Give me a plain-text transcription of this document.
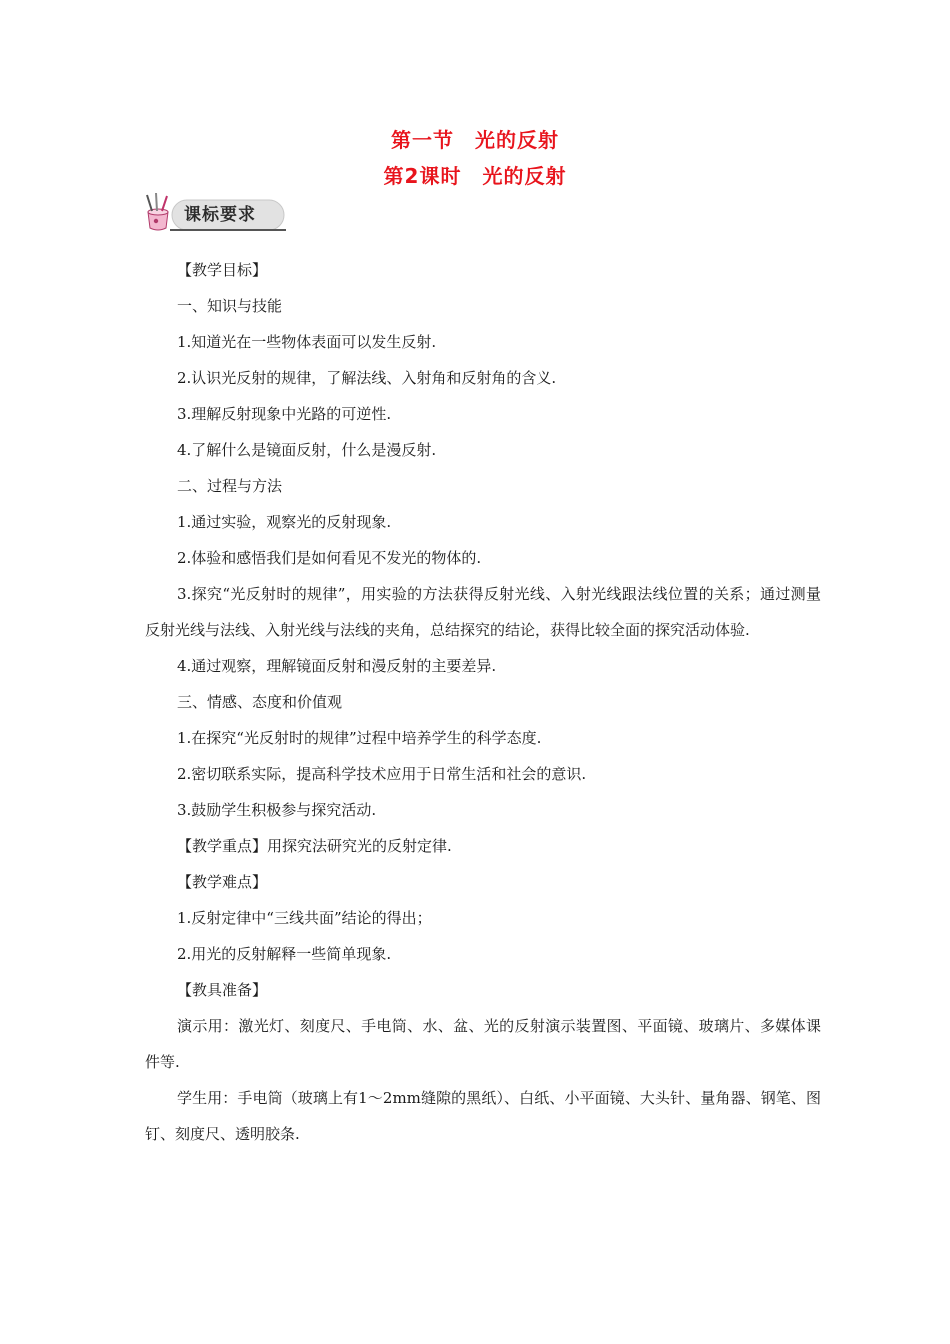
第一节　光的反射
第2课时　光的反射
课标要求

【教学目标】

一、知识与技能

1.知道光在一些物体表面可以发生反射.

2.认识光反射的规律，了解法线、入射角和反射角的含义.

3.理解反射现象中光路的可逆性.

4.了解什么是镜面反射，什么是漫反射.

二、过程与方法

1.通过实验，观察光的反射现象.

2.体验和感悟我们是如何看见不发光的物体的.

3.探究“光反射时的规律”，用实验的方法获得反射光线、入射光线跟法线位置的关系；通过测量反射光线与法线、入射光线与法线的夹角，总结探究的结论，获得比较全面的探究活动体验.

4.通过观察，理解镜面反射和漫反射的主要差异.

三、情感、态度和价值观

1.在探究“光反射时的规律”过程中培养学生的科学态度.

2.密切联系实际，提高科学技术应用于日常生活和社会的意识.

3.鼓励学生积极参与探究活动.

【教学重点】用探究法研究光的反射定律.

【教学难点】

1.反射定律中“三线共面”结论的得出；

2.用光的反射解释一些简单现象.

【教具准备】

演示用：激光灯、刻度尺、手电筒、水、盆、光的反射演示装置图、平面镜、玻璃片、多媒体课件等.

学生用：手电筒（玻璃上有1～2mm缝隙的黑纸）、白纸、小平面镜、大头针、量角器、钢笔、图钉、刻度尺、透明胶条.
